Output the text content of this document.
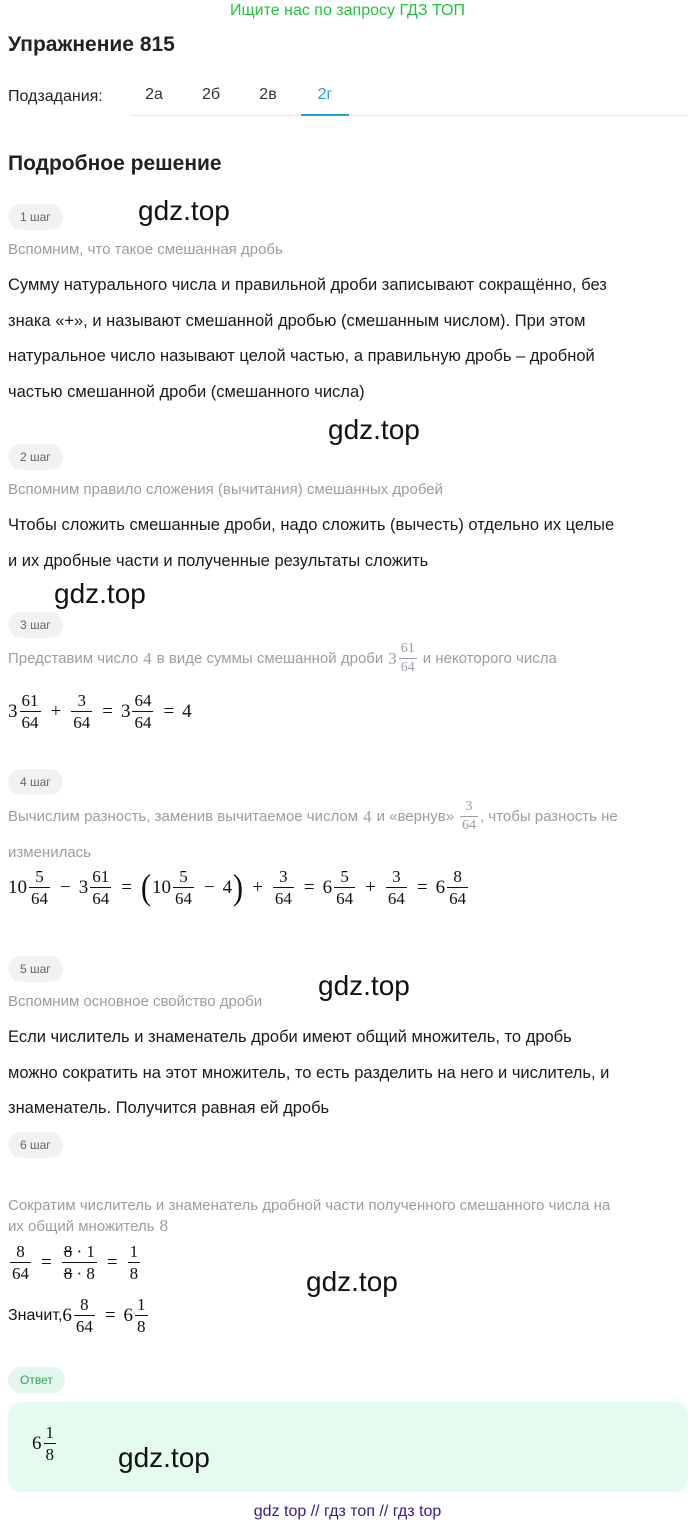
Ищите нас по запросу ГДЗ ТОП
Упражнение 815
Подзадания:	2а	2б	2в	2г
Подробное решение
1 шаг	gdz.top
Вспомним, что такое смешанная дробь
Сумму натурального числа и правильной дроби записывают сокращённо, без
знака «+», и называют смешанной дробью (смешанным числом). При этом
натуральное число называют целой частью, а правильную дробь – дробной
частью смешанной дроби (смешанного числа)
gdz.top
2 шаг
Вспомним правило сложения (вычитания) смешанных дробей
Чтобы сложить смешанные дроби, надо сложить (вычесть) отдельно их целые
и их дробные части и полученные результаты сложить
gdz.top
3 шаг
Представим число 4 в виде суммы смешанной дроби $3 \frac{61}{64}$ и некоторого числа
$3 \frac{61}{64} + \frac{3}{64} = 3 \frac{64}{64} = 4$
4 шаг
Вычислим разность, заменив вычитаемое числом 4 и «вернув» $\frac{3}{64}$ , чтобы разность не
изменилась
$10 \frac{5}{64} - 3 \frac{61}{64}$ = ( $10 \frac{5}{64} - 4$ ) + $\frac{3}{64} = 6 \frac{5}{64} + \frac{3}{64} = 6 \frac{8}{64}$
5 шаг
gdz.top
Вспомним основное свойство дроби
Если числитель и знаменатель дроби имеют общий множитель, то дробь
можно сократить на этот множитель, то есть разделить на него и числитель, и
знаменатель. Получится равная ей дробь
6 шаг
Сократим числитель и знаменатель дробной части полученного смешанного числа на
их общий множитель 8
$\frac{8}{64} = \frac{8 \cdot 1}{8 \cdot 8} = \frac{1}{8}$	gdz.top
Значит, $6 \frac{8}{64} = 6 \frac{1}{8}$
Ответ
$6 \frac{1}{8} gdz.top$
gdz top // гдз топ // гдз top
